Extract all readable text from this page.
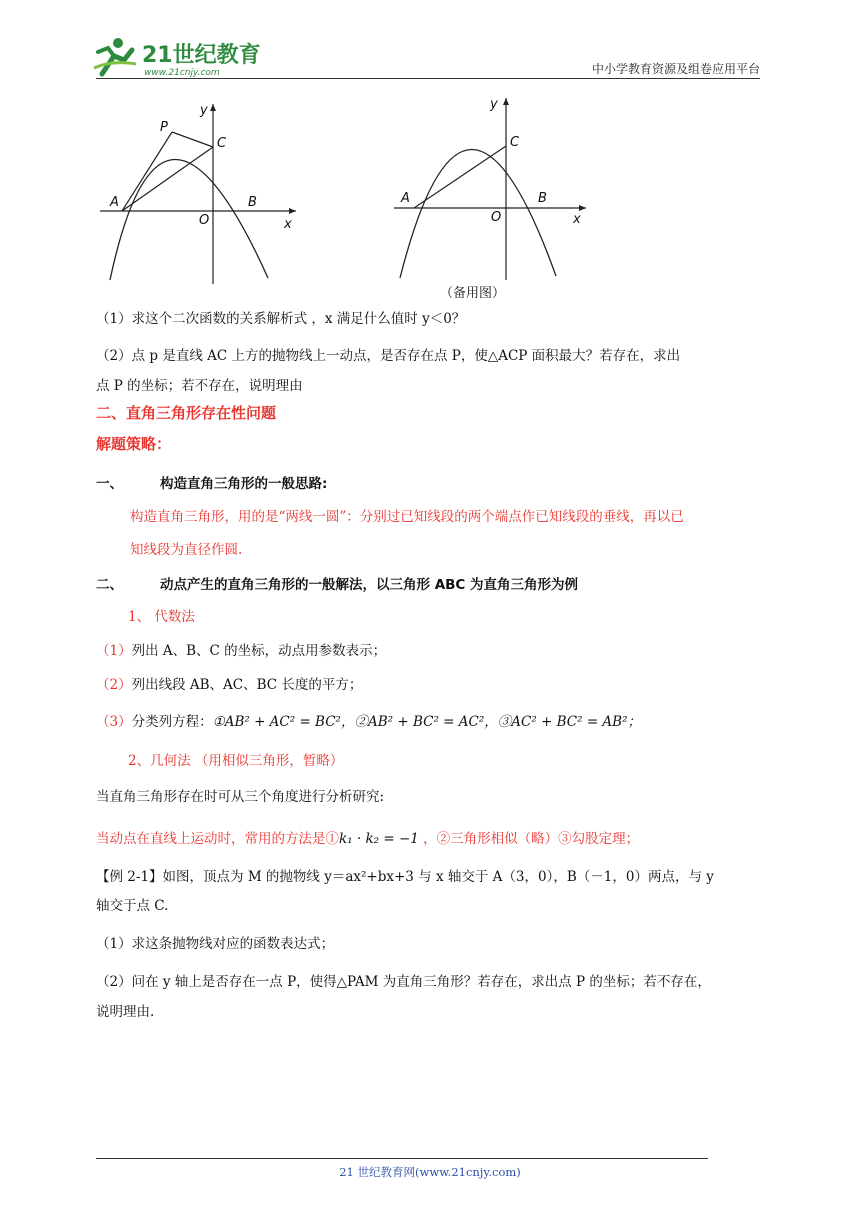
21世纪教育
www.21cnjy.com	中小学教育资源及组卷应用平台
y
x
O
A	B
C
P
y
x
O
A	B
C
（备用图）
（1）求这个二次函数的关系解析式 ，x 满足什么值时 y＜0？
（2）点 p 是直线 AC 上方的抛物线上一动点，是否存在点 P，使△ACP 面积最大？若存在，求出
点 P 的坐标；若不存在，说明理由
二、直角三角形存在性问题
解题策略：
一、	构造直角三角形的一般思路:
构造直角三角形，用的是“两线一圆”：分别过已知线段的两个端点作已知线段的垂线，再以已
知线段为直径作圆.
二、	动点产生的直角三角形的一般解法，以三角形 ABC 为直角三角形为例
1、 代数法
（1）列出 A、B、C 的坐标，动点用参数表示；
（2）列出线段 AB、AC、BC 长度的平方；
（3）分类列方程：①AB² + AC² = BC²，②AB² + BC² = AC²，③AC² + BC² = AB²；
2、几何法 （用相似三角形，暂略）
当直角三角形存在时可从三个角度进行分析研究:
当动点在直线上运动时，常用的方法是①k₁ · k₂ = −1 ，②三角形相似（略）③勾股定理；
【例 2-1】如图，顶点为 M 的抛物线 y＝ax²+bx+3 与 x 轴交于 A（3，0），B（－1，0）两点，与 y
轴交于点 C.
（1）求这条抛物线对应的函数表达式；
（2）问在 y 轴上是否存在一点 P，使得△PAM 为直角三角形？若存在，求出点 P 的坐标；若不存在，
说明理由.
21 世纪教育网(www.21cnjy.com)
